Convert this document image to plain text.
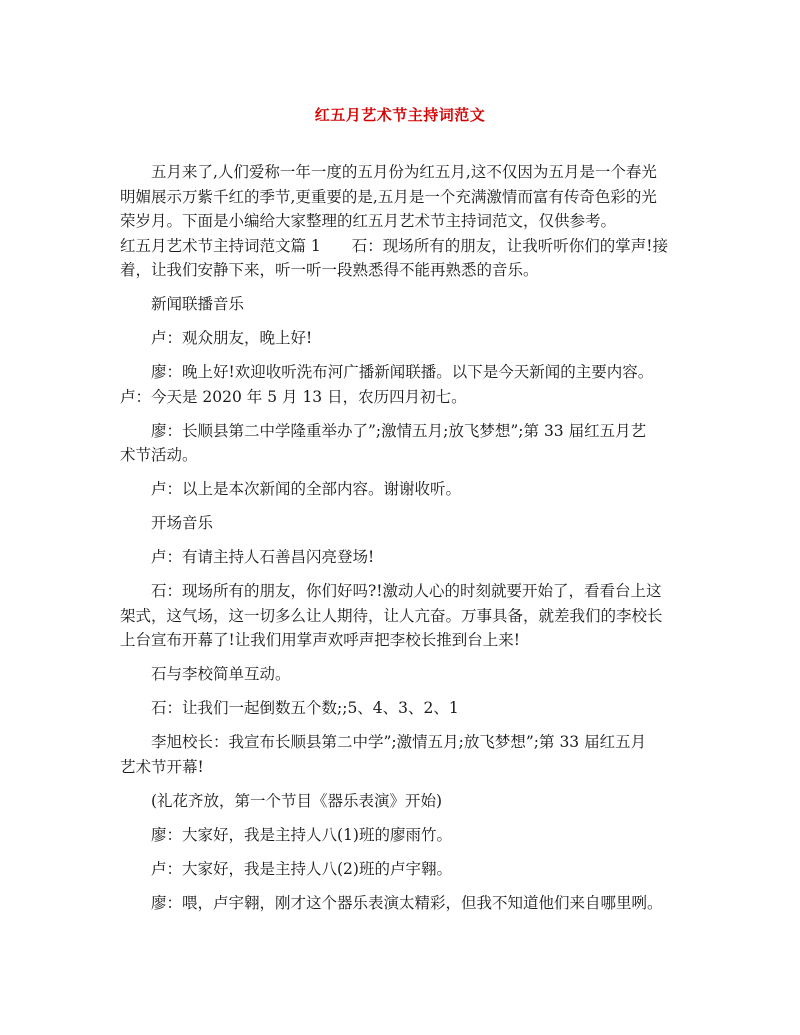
红五月艺术节主持词范文
五月来了,人们爱称一年一度的五月份为红五月,这不仅因为五月是一个春光
明媚展示万紫千红的季节,更重要的是,五月是一个充满激情而富有传奇色彩的光
荣岁月。下面是小编给大家整理的红五月艺术节主持词范文，仅供参考。
红五月艺术节主持词范文篇 1 石：现场所有的朋友，让我听听你们的掌声!接
着，让我们安静下来，听一听一段熟悉得不能再熟悉的音乐。
新闻联播音乐
卢：观众朋友，晚上好!
廖：晚上好!欢迎收听洗布河广播新闻联播。以下是今天新闻的主要内容。
卢：今天是 2020 年 5 月 13 日，农历四月初七。
廖：长顺县第二中学隆重举办了”;激情五月;放飞梦想”;第 33 届红五月艺
术节活动。
卢：以上是本次新闻的全部内容。谢谢收听。
开场音乐
卢：有请主持人石善昌闪亮登场!
石：现场所有的朋友，你们好吗?!激动人心的时刻就要开始了，看看台上这
架式，这气场，这一切多么让人期待，让人亢奋。万事具备，就差我们的李校长
上台宣布开幕了!让我们用掌声欢呼声把李校长推到台上来!
石与李校简单互动。
石：让我们一起倒数五个数;;5、4、3、2、1
李旭校长：我宣布长顺县第二中学”;激情五月;放飞梦想”;第 33 届红五月
艺术节开幕!
(礼花齐放，第一个节目《器乐表演》开始)
廖：大家好，我是主持人八(1)班的廖雨竹。
卢：大家好，我是主持人八(2)班的卢宇翱。
廖：喂，卢宇翱，刚才这个器乐表演太精彩，但我不知道他们来自哪里咧。
